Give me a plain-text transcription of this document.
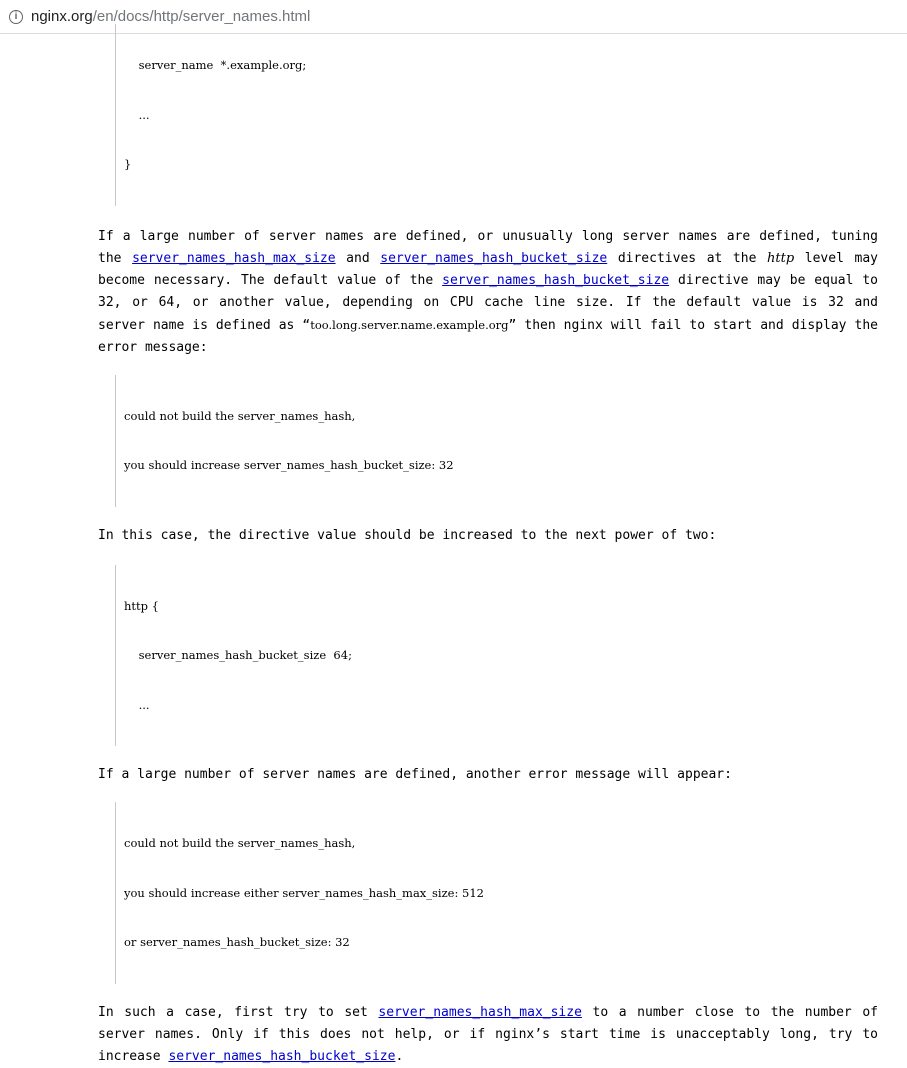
i nginx.org/en/docs/http/server_names.html

server_name  *.example.org;

...

}

If a large number of server names are defined, or unusually long server names are defined, tuning the server_names_hash_max_size and server_names_hash_bucket_size directives at the http level may become necessary. The default value of the server_names_hash_bucket_size directive may be equal to 32, or 64, or another value, depending on CPU cache line size. If the default value is 32 and server name is defined as “too.long.server.name.example.org” then nginx will fail to start and display the error message:

could not build the server_names_hash,

you should increase server_names_hash_bucket_size: 32

In this case, the directive value should be increased to the next power of two:

http {

server_names_hash_bucket_size  64;

...

If a large number of server names are defined, another error message will appear:

could not build the server_names_hash,

you should increase either server_names_hash_max_size: 512

or server_names_hash_bucket_size: 32

In such a case, first try to set server_names_hash_max_size to a number close to the number of server names. Only if this does not help, or if nginx’s start time is unacceptably long, try to increase server_names_hash_bucket_size.
